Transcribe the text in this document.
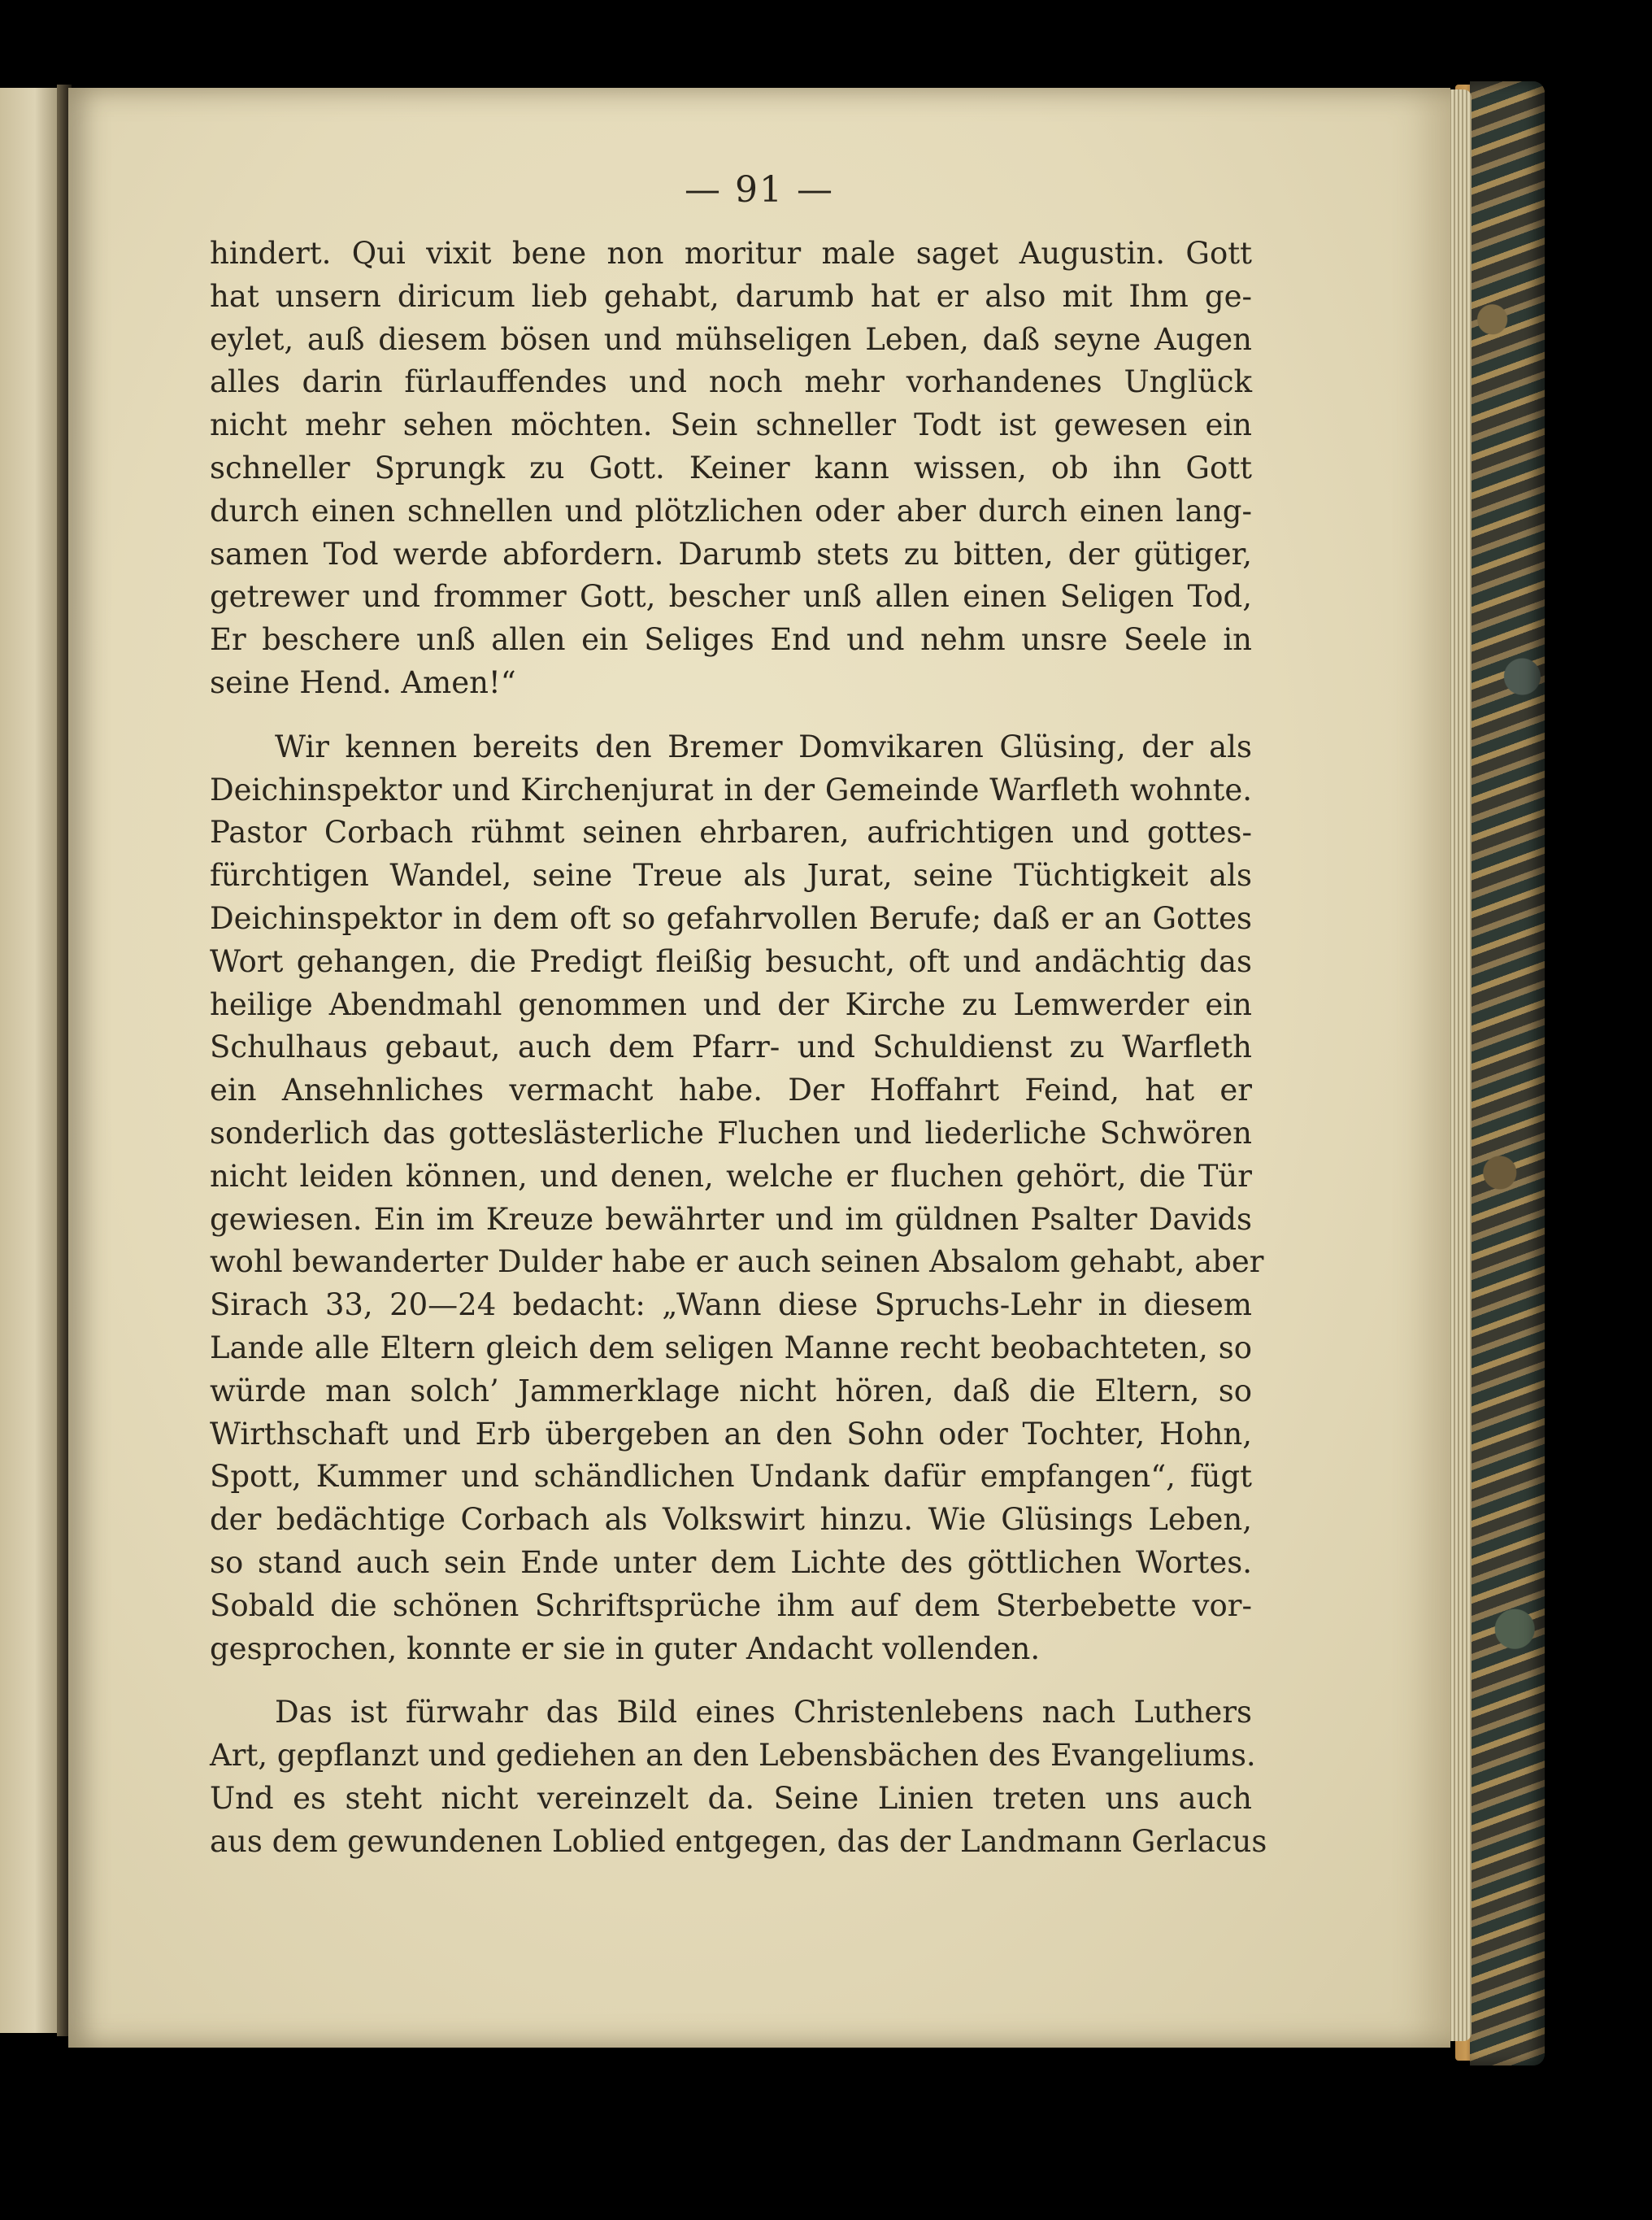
— 91 —
hindert. Qui vixit bene non moritur male saget Augustin. Gott
hat unsern diricum lieb gehabt, darumb hat er also mit Ihm ge-
eylet, auß diesem bösen und mühseligen Leben, daß seyne Augen
alles darin fürlauffendes und noch mehr vorhandenes Unglück
nicht mehr sehen möchten. Sein schneller Todt ist gewesen ein
schneller Sprungk zu Gott. Keiner kann wissen, ob ihn Gott
durch einen schnellen und plötzlichen oder aber durch einen lang-
samen Tod werde abfordern. Darumb stets zu bitten, der gütiger,
getrewer und frommer Gott, bescher unß allen einen Seligen Tod,
Er beschere unß allen ein Seliges End und nehm unsre Seele in
seine Hend. Amen!“
Wir kennen bereits den Bremer Domvikaren Glüsing, der als
Deichinspektor und Kirchenjurat in der Gemeinde Warfleth wohnte.
Pastor Corbach rühmt seinen ehrbaren, aufrichtigen und gottes-
fürchtigen Wandel, seine Treue als Jurat, seine Tüchtigkeit als
Deichinspektor in dem oft so gefahrvollen Berufe; daß er an Gottes
Wort gehangen, die Predigt fleißig besucht, oft und andächtig das
heilige Abendmahl genommen und der Kirche zu Lemwerder ein
Schulhaus gebaut, auch dem Pfarr- und Schuldienst zu Warfleth
ein Ansehnliches vermacht habe. Der Hoffahrt Feind, hat er
sonderlich das gotteslästerliche Fluchen und liederliche Schwören
nicht leiden können, und denen, welche er fluchen gehört, die Tür
gewiesen. Ein im Kreuze bewährter und im güldnen Psalter Davids
wohl bewanderter Dulder habe er auch seinen Absalom gehabt, aber
Sirach 33, 20—24 bedacht: „Wann diese Spruchs-Lehr in diesem
Lande alle Eltern gleich dem seligen Manne recht beobachteten, so
würde man solch’ Jammerklage nicht hören, daß die Eltern, so
Wirthschaft und Erb übergeben an den Sohn oder Tochter, Hohn,
Spott, Kummer und schändlichen Undank dafür empfangen“, fügt
der bedächtige Corbach als Volkswirt hinzu. Wie Glüsings Leben,
so stand auch sein Ende unter dem Lichte des göttlichen Wortes.
Sobald die schönen Schriftsprüche ihm auf dem Sterbebette vor-
gesprochen, konnte er sie in guter Andacht vollenden.
Das ist fürwahr das Bild eines Christenlebens nach Luthers
Art, gepflanzt und gediehen an den Lebensbächen des Evangeliums.
Und es steht nicht vereinzelt da. Seine Linien treten uns auch
aus dem gewundenen Loblied entgegen, das der Landmann Gerlacus
